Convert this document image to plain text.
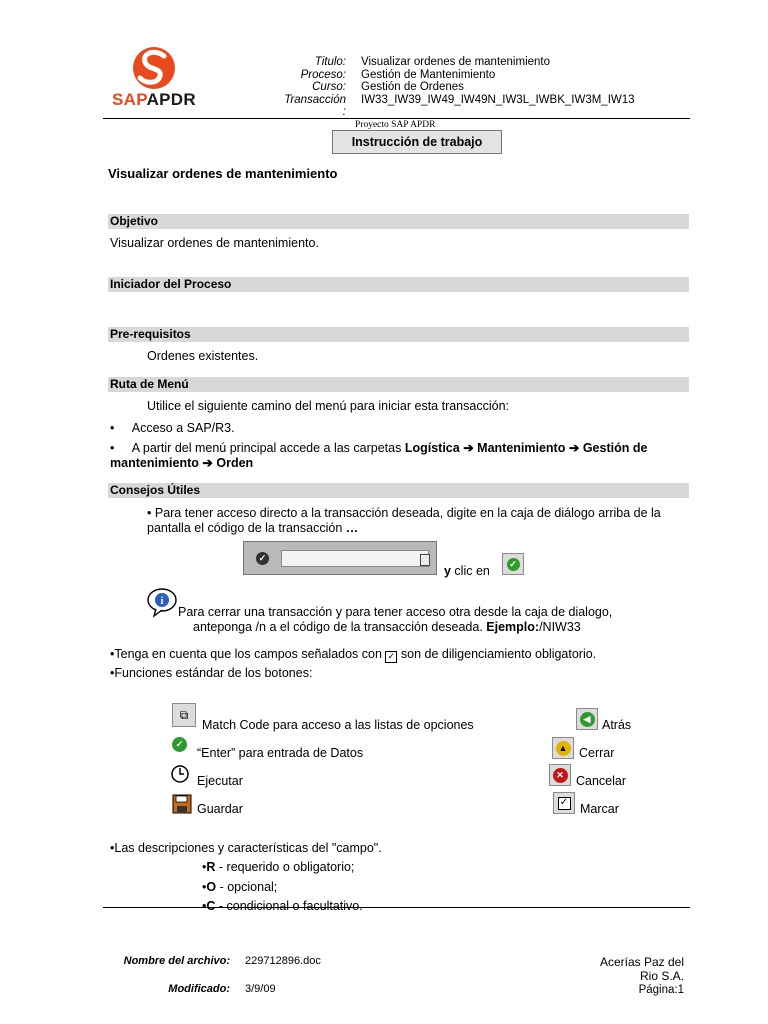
SAPAPDR
Titulo:
Proceso:
Curso:
Transacción
:
Visualizar ordenes de mantenimiento
Gestión de Mantenimiento
Gestión de Ordenes
IW33_IW39_IW49_IW49N_IW3L_IWBK_IW3M_IW13
Proyecto SAP APDR
Instrucción de trabajo
Visualizar ordenes de mantenimiento
Objetivo
Visualizar ordenes de mantenimiento.
Iniciador del Proceso
Pre-requisitos
Ordenes existentes.
Ruta de Menú
Utilice el siguiente camino del menú para iniciar esta transacción:
•     Acceso a SAP/R3.
•     A partir del menú principal accede a las carpetas Logística ➔ Mantenimiento ➔ Gestión de
mantenimiento ➔ Orden
Consejos Útiles
• Para tener acceso directo a la transacción deseada, digite en la caja de diálogo arriba de la
pantalla el código de la transacción …
✓
y clic en
✓
i
Para cerrar una transacción y para tener acceso otra desde la caja de dialogo,
anteponga /n a el código de la transacción deseada. Ejemplo:/NIW33
•Tenga en cuenta que los campos señalados con ✓ son de diligenciamiento obligatorio.
•Funciones estándar de los botones:
⧉
Match Code para acceso a las listas de opciones
✓
“Enter” para entrada de Datos
Ejecutar
Guardar
◀ Atrás
▲ Cerrar
✕ Cancelar
✓ Marcar
•Las descripciones y características del "campo".
•R - requerido o obligatorio;
•O - opcional;
•C - condicional o facultativo.
Nombre del archivo: 229712896.doc
Modificado: 3/9/09
Acerías Paz del
Rio S.A.
Página:1
